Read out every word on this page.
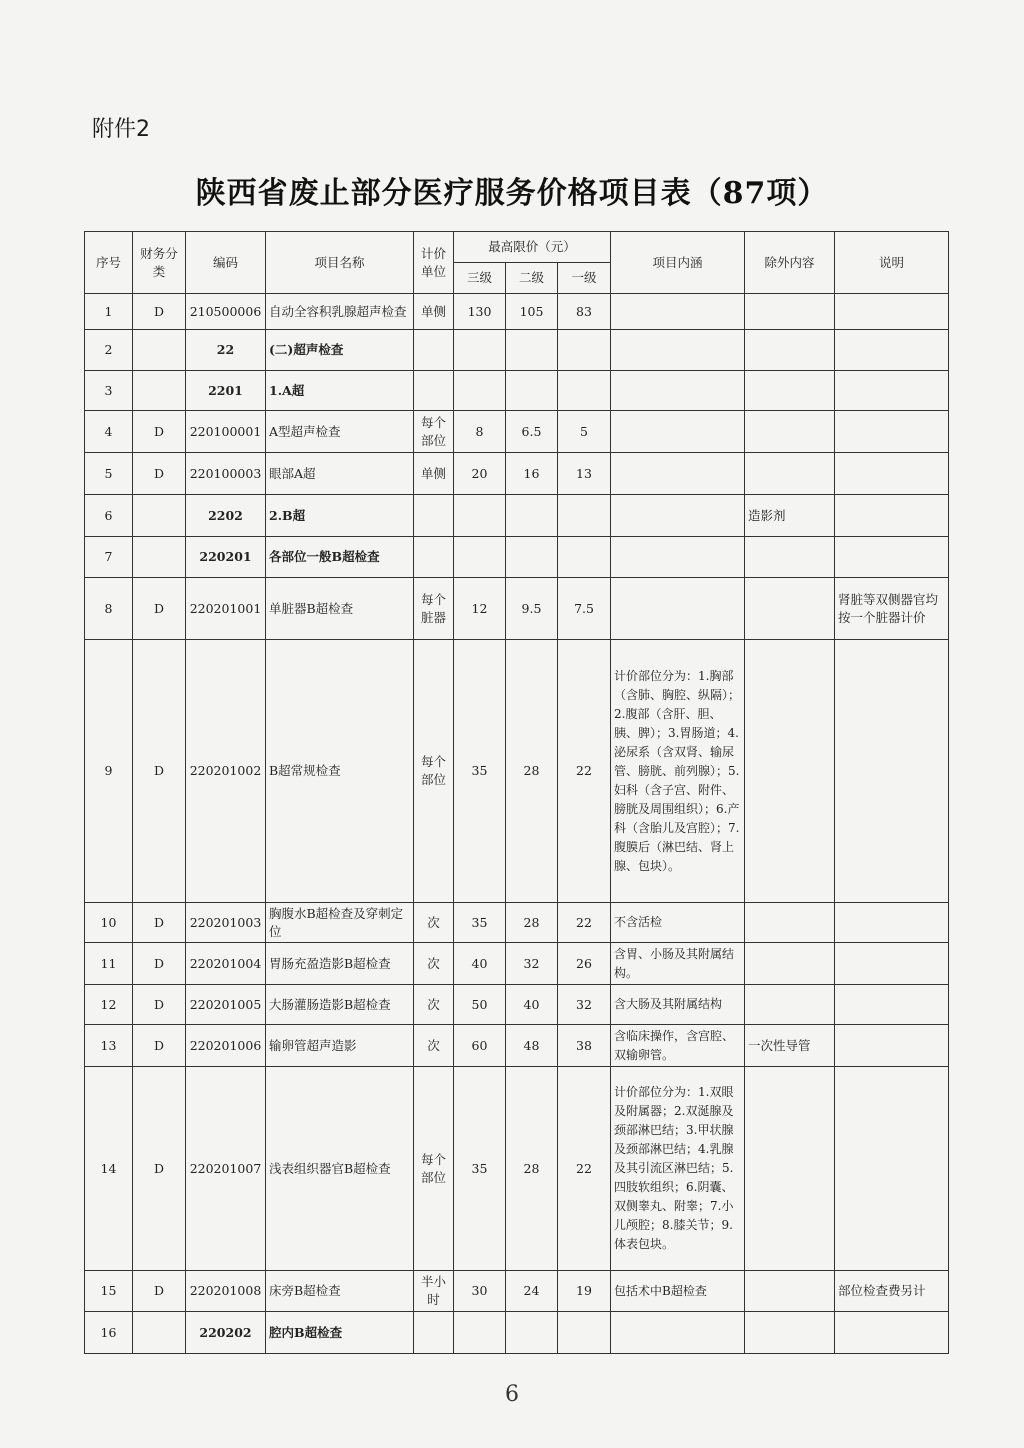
附件2
陕西省废止部分医疗服务价格项目表（87项）
序号	财务分类	编码	项目名称	计价单位	最高限价（元）			项目内涵	除外内容	说明
					三级	二级	一级			
1	D	210500006	自动全容积乳腺超声检查	单侧	130	105	83			
2		22	(二)超声检查							
3		2201	1.A超							
4	D	220100001	A型超声检查	每个部位	8	6.5	5			
5	D	220100003	眼部A超	单侧	20	16	13			
6		2202	2.B超						造影剂	
7		220201	各部位一般B超检查							
8	D	220201001	单脏器B超检查	每个脏器	12	9.5	7.5			肾脏等双侧器官均按一个脏器计价
9	D	220201002	B超常规检查	每个部位	35	28	22	计价部位分为：1.胸部（含肺、胸腔、纵隔）；2.腹部（含肝、胆、胰、脾）；3.胃肠道；4.泌尿系（含双肾、输尿管、膀胱、前列腺）；5.妇科（含子宫、附件、膀胱及周围组织）；6.产科（含胎儿及宫腔）；7.腹膜后（淋巴结、肾上腺、包块）。		
10	D	220201003	胸腹水B超检查及穿刺定位	次	35	28	22	不含活检		
11	D	220201004	胃肠充盈造影B超检查	次	40	32	26	含胃、小肠及其附属结构。		
12	D	220201005	大肠灌肠造影B超检查	次	50	40	32	含大肠及其附属结构		
13	D	220201006	输卵管超声造影	次	60	48	38	含临床操作，含宫腔、双输卵管。	一次性导管	
14	D	220201007	浅表组织器官B超检查	每个部位	35	28	22	计价部位分为：1.双眼及附属器；2.双涎腺及颈部淋巴结；3.甲状腺及颈部淋巴结；4.乳腺及其引流区淋巴结；5.四肢软组织；6.阴囊、双侧睾丸、附睾；7.小儿颅腔；8.膝关节；9.体表包块。		
15	D	220201008	床旁B超检查	半小时	30	24	19	包括术中B超检查		部位检查费另计
16		220202	腔内B超检查							
6
